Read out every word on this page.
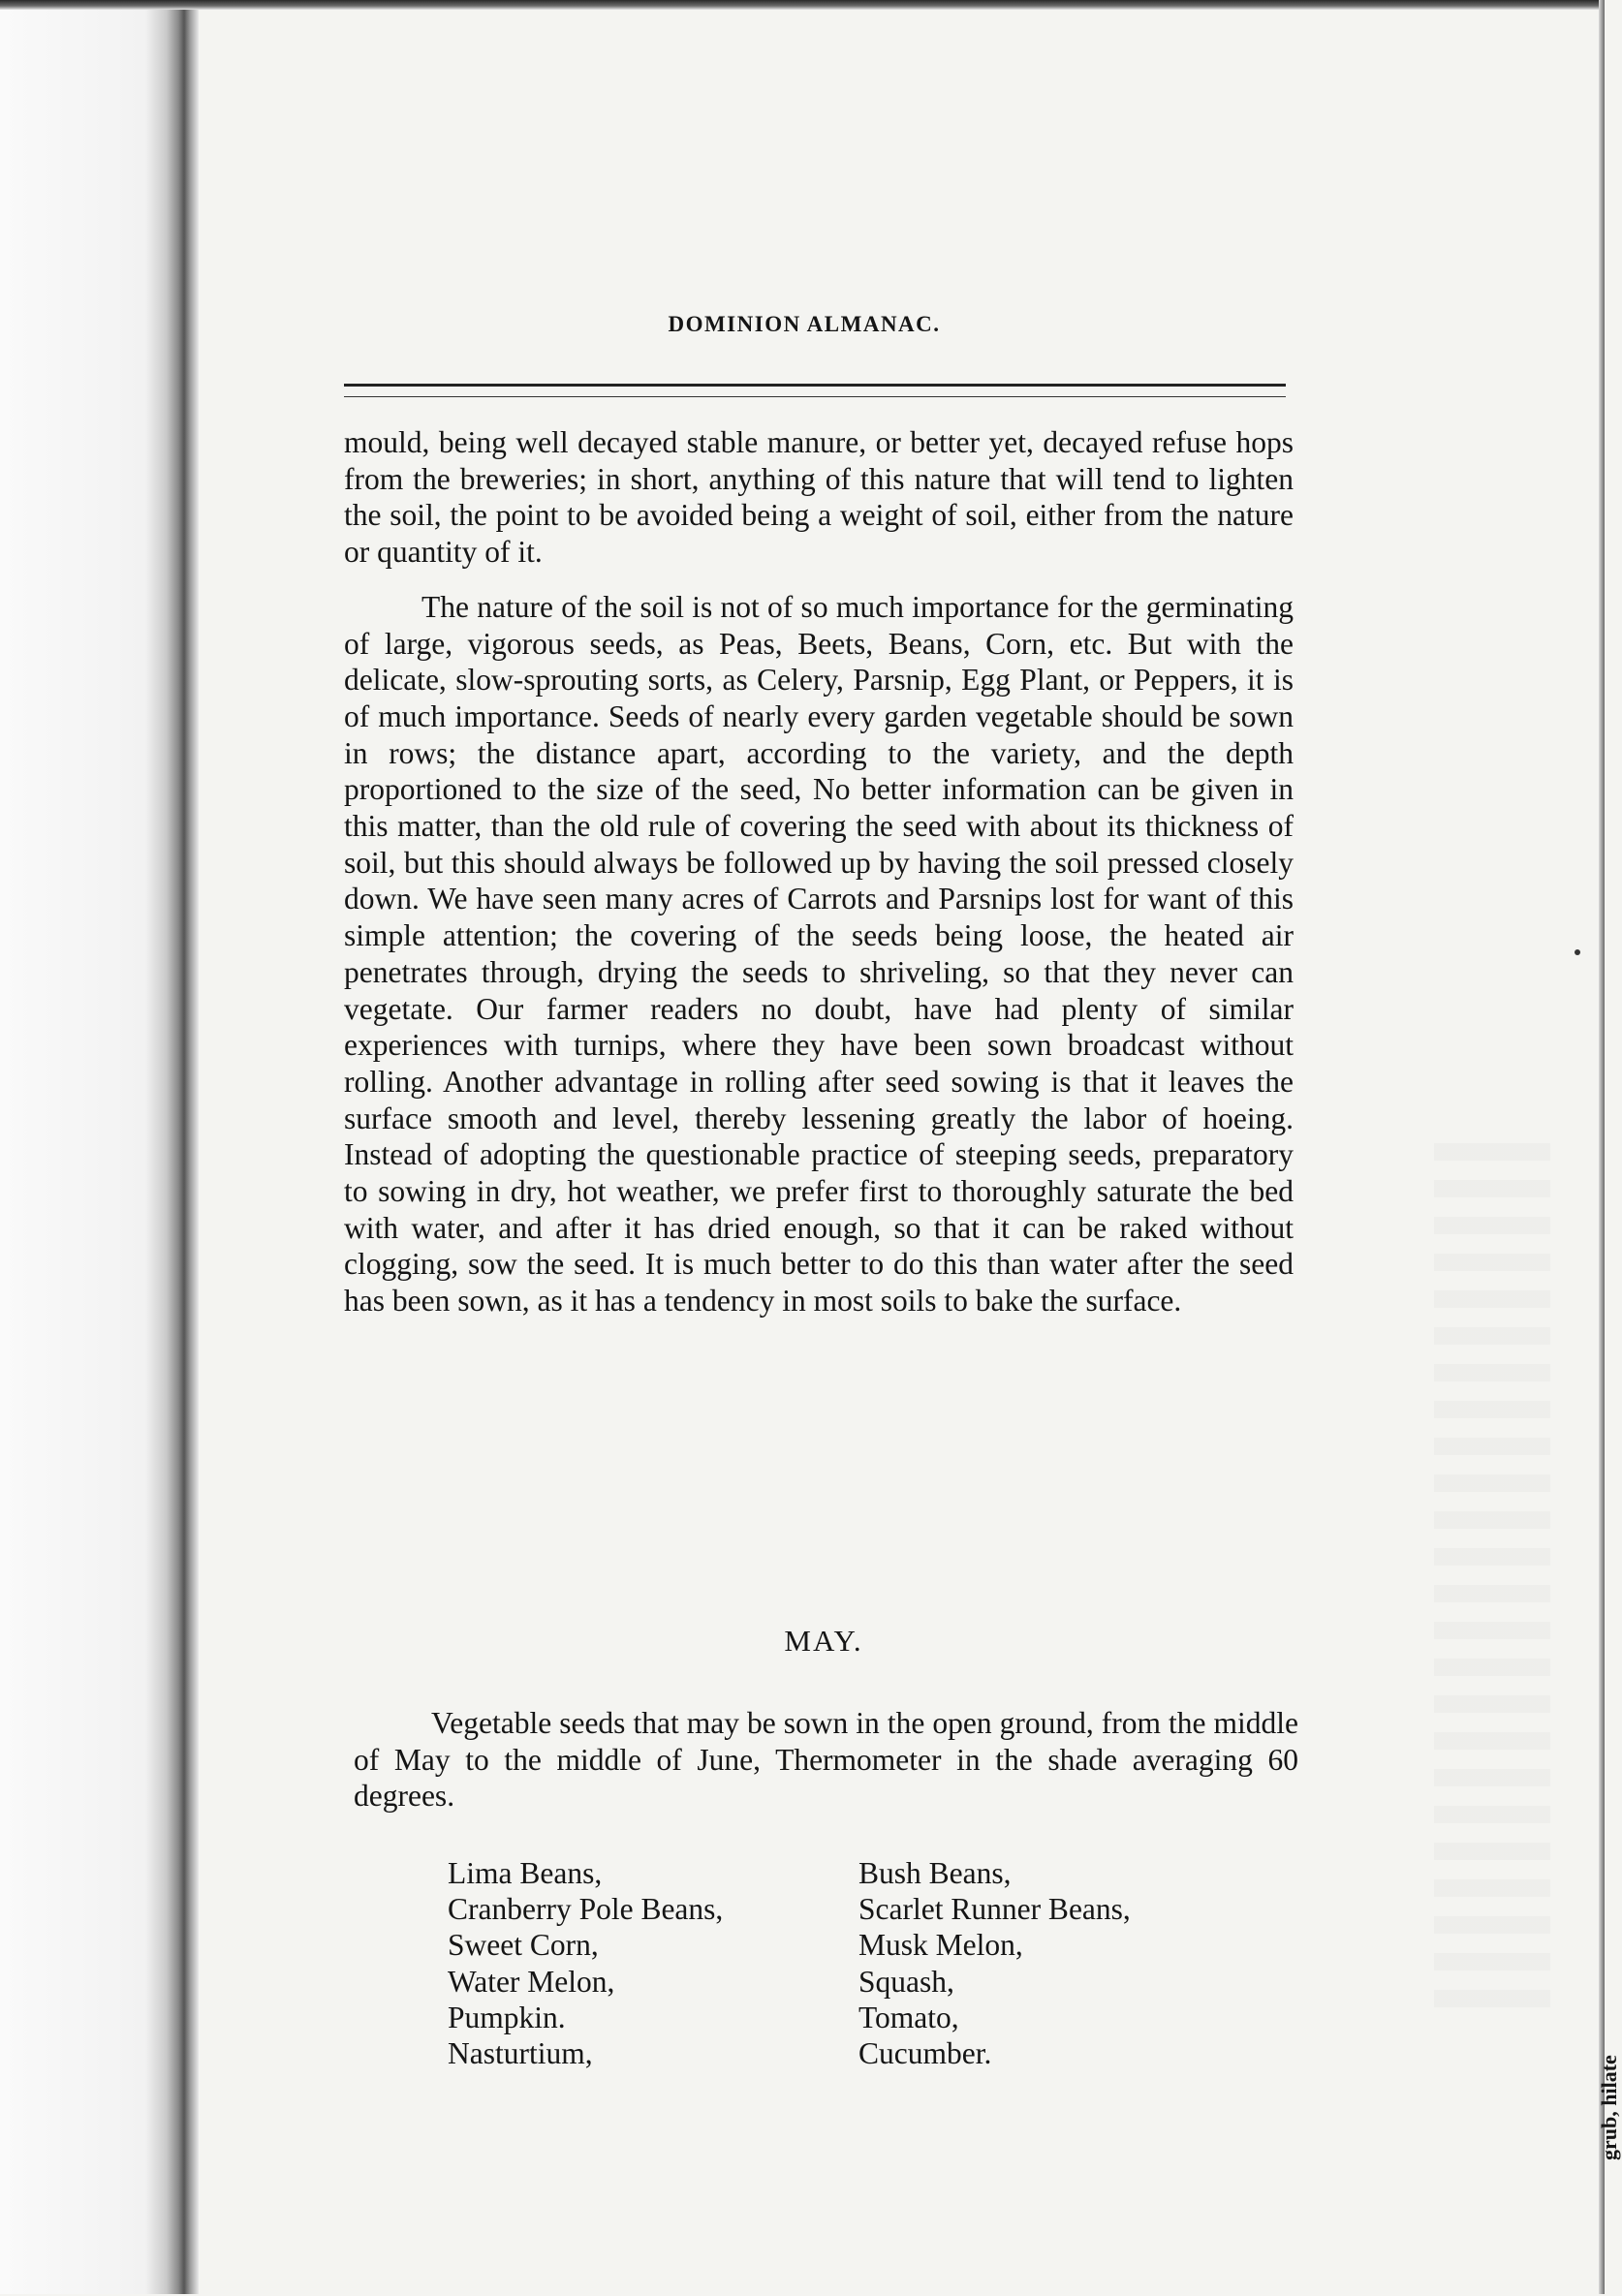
DOMINION ALMANAC.

mould, being well decayed stable manure, or better yet, decayed refuse hops from the breweries; in short, anything of this nature that will tend to lighten the soil, the point to be avoided being a weight of soil, either from the nature or quantity of it.

The nature of the soil is not of so much importance for the germinating of large, vigorous seeds, as Peas, Beets, Beans, Corn, etc. But with the delicate, slow-sprouting sorts, as Celery, Parsnip, Egg Plant, or Peppers, it is of much importance. Seeds of nearly every garden vegetable should be sown in rows; the distance apart, according to the variety, and the depth proportioned to the size of the seed, No better information can be given in this matter, than the old rule of covering the seed with about its thickness of soil, but this should always be followed up by having the soil pressed closely down. We have seen many acres of Carrots and Parsnips lost for want of this simple attention; the covering of the seeds being loose, the heated air penetrates through, drying the seeds to shriveling, so that they never can vegetate. Our farmer readers no doubt, have had plenty of similar experiences with turnips, where they have been sown broadcast without rolling. Another advantage in rolling after seed sowing is that it leaves the surface smooth and level, thereby lessening greatly the labor of hoeing. Instead of adopting the questionable practice of steeping seeds, preparatory to sowing in dry, hot weather, we prefer first to thoroughly saturate the bed with water, and after it has dried enough, so that it can be raked without clogging, sow the seed. It is much better to do this than water after the seed has been sown, as it has a tendency in most soils to bake the surface.

MAY.

Vegetable seeds that may be sown in the open ground, from the middle of May to the middle of June, Thermometer in the shade averaging 60 degrees.

Lima Beans,	Bush Beans,
Cranberry Pole Beans,	Scarlet Runner Beans,
Sweet Corn,	Musk Melon,
Water Melon,	Squash,
Pumpkin.	Tomato,
Nasturtium,	Cucumber.
grub, hilate
